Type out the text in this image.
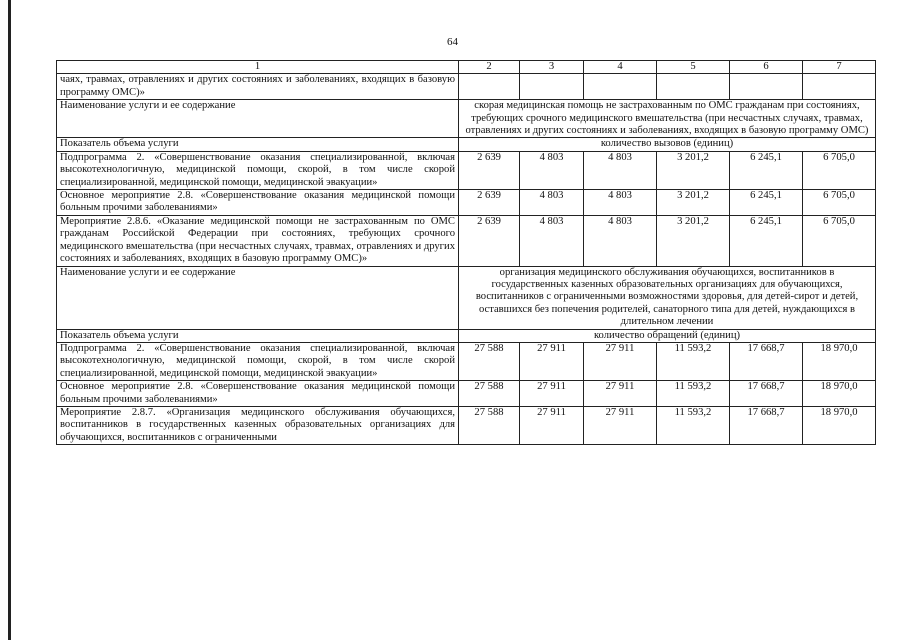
64
1	2	3	4	5	6	7
чаях, травмах, отравлениях и других состояниях и заболеваниях, входящих в базовую программу ОМС)»						
Наименование услуги и ее содержание	скорая медицинская помощь не застрахованным по ОМС гражданам при состояниях, требующих срочного медицинского вмешательства (при несчастных случаях, травмах, отравлениях и других состояниях и заболеваниях, входящих в базовую программу ОМС)					
Показатель объема услуги	количество вызовов (единиц)					
Подпрограмма 2. «Совершенствование оказания специализированной, включая высокотехнологичную, медицинской помощи, скорой, в том числе скорой специализированной, медицинской помощи, медицинской эвакуации»	2 639	4 803	4 803	3 201,2	6 245,1	6 705,0
Основное мероприятие 2.8. «Совершенствование оказания медицинской помощи больным прочими заболеваниями»	2 639	4 803	4 803	3 201,2	6 245,1	6 705,0
Мероприятие 2.8.6. «Оказание медицинской помощи не застрахованным по ОМС гражданам Российской Федерации при состояниях, требующих срочного медицинского вмешательства (при несчастных случаях, травмах, отравлениях и других состояниях и заболеваниях, входящих в базовую программу ОМС)»	2 639	4 803	4 803	3 201,2	6 245,1	6 705,0
Наименование услуги и ее содержание	организация медицинского обслуживания обучающихся, воспитанников в государственных казенных образовательных организациях для обучающихся, воспитанников с ограниченными возможностями здоровья, для детей-сирот и детей, оставшихся без попечения родителей, санаторного типа для детей, нуждающихся в длительном лечении					
Показатель объема услуги	количество обращений (единиц)					
Подпрограмма 2. «Совершенствование оказания специализированной, включая высокотехнологичную, медицинской помощи, скорой, в том числе скорой специализированной, медицинской помощи, медицинской эвакуации»	27 588	27 911	27 911	11 593,2	17 668,7	18 970,0
Основное мероприятие 2.8. «Совершенствование оказания медицинской помощи больным прочими заболеваниями»	27 588	27 911	27 911	11 593,2	17 668,7	18 970,0
Мероприятие 2.8.7. «Организация медицинского обслуживания обучающихся, воспитанников в государственных казенных образовательных организациях для обучающихся, воспитанников с ограниченными	27 588	27 911	27 911	11 593,2	17 668,7	18 970,0
